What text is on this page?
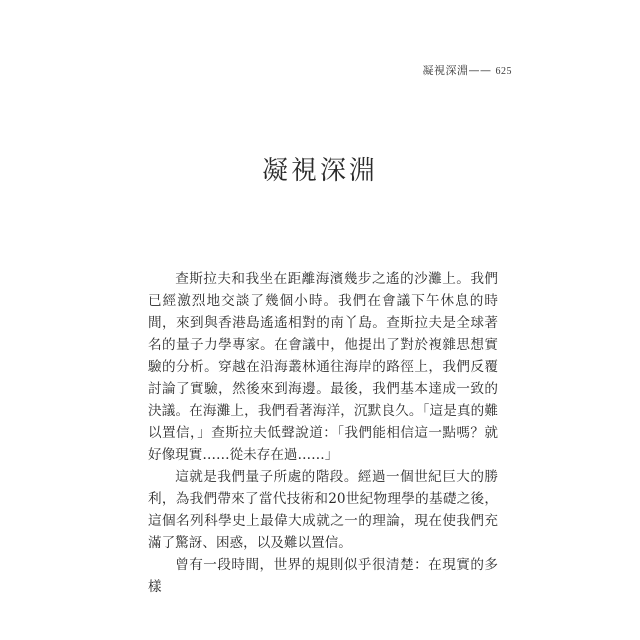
凝視深淵—— 625
凝視深淵

查斯拉夫和我坐在距離海濱幾步之遙的沙灘上。我們已經激烈地交談了幾個小時。我們在會議下午休息的時間，來到與香港島遙遙相對的南丫島。查斯拉夫是全球著名的量子力學專家。在會議中，他提出了對於複雜思想實驗的分析。穿越在沿海叢林通往海岸的路徑上，我們反覆討論了實驗，然後來到海邊。最後，我們基本達成一致的決議。在海灘上，我們看著海洋，沉默良久。「這是真的難以置信，」查斯拉夫低聲說道：「我們能相信這一點嗎？就好像現實……從未存在過……」

這就是我們量子所處的階段。經過一個世紀巨大的勝利，為我們帶來了當代技術和20世紀物理學的基礎之後，這個名列科學史上最偉大成就之一的理論，現在使我們充滿了驚訝、困惑，以及難以置信。

曾有一段時間，世界的規則似乎很清楚：在現實的多樣
